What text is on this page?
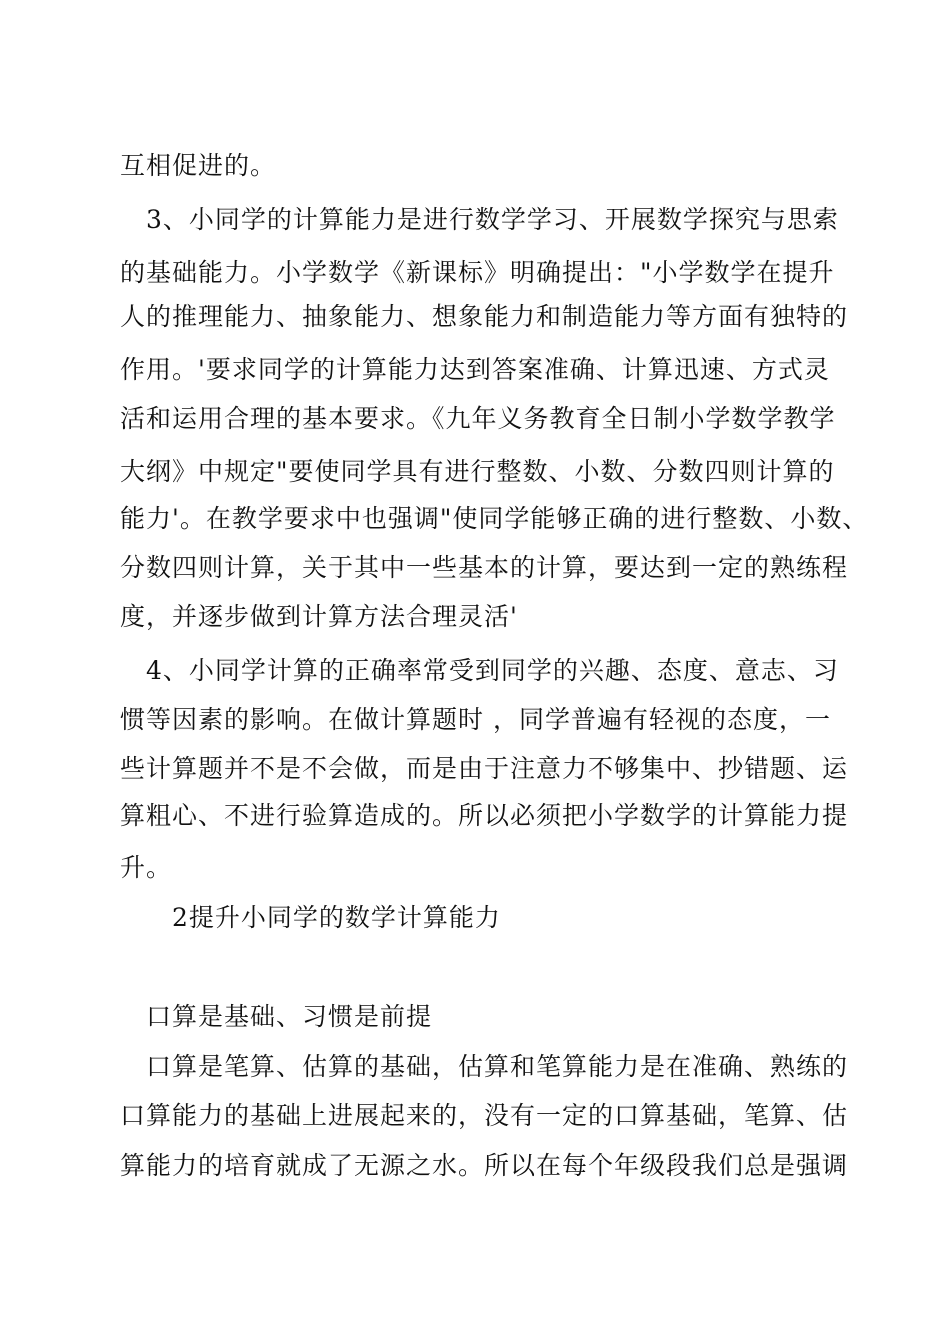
互相促进的。
3、小同学的计算能力是进行数学学习、开展数学探究与思索
的基础能力。小学数学《新课标》明确提出："小学数学在提升
人的推理能力、抽象能力、想象能力和制造能力等方面有独特的
作用。'要求同学的计算能力达到答案准确、计算迅速、方式灵
活和运用合理的基本要求。《九年义务教育全日制小学数学教学
大纲》中规定"要使同学具有进行整数、小数、分数四则计算的
能力'。在教学要求中也强调"使同学能够正确的进行整数、小数、
分数四则计算，关于其中一些基本的计算，要达到一定的熟练程
度，并逐步做到计算方法合理灵活'
4、小同学计算的正确率常受到同学的兴趣、态度、意志、习
惯等因素的影响。在做计算题时 ，同学普遍有轻视的态度，一
些计算题并不是不会做，而是由于注意力不够集中、抄错题、运
算粗心、不进行验算造成的。所以必须把小学数学的计算能力提
升。
2提升小同学的数学计算能力
口算是基础、习惯是前提
口算是笔算、估算的基础，估算和笔算能力是在准确、熟练的
口算能力的基础上进展起来的，没有一定的口算基础，笔算、估
算能力的培育就成了无源之水。所以在每个年级段我们总是强调
